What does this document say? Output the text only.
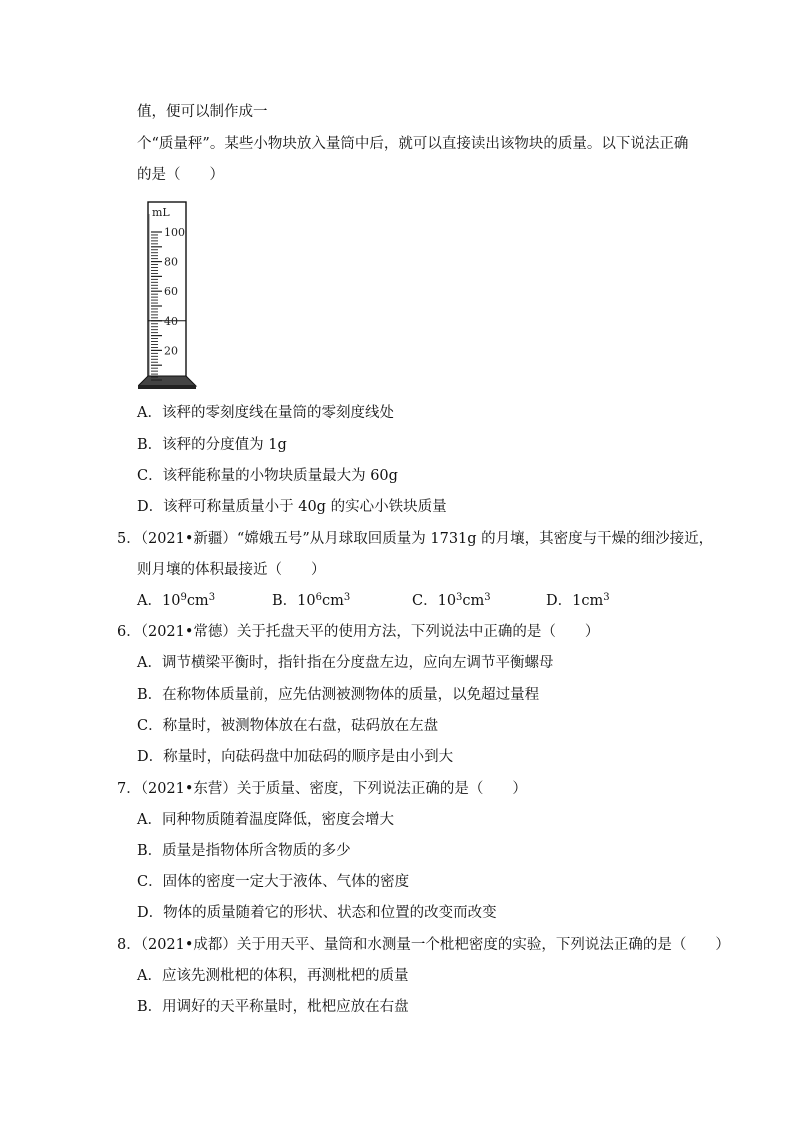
值，便可以制作成一
个“质量秤”。某些小物块放入量筒中后，就可以直接读出该物块的质量。以下说法正确
的是（　　）
100
80
60
40
20
mL
A．该秤的零刻度线在量筒的零刻度线处
B．该秤的分度值为 1g
C．该秤能称量的小物块质量最大为 60g
D．该秤可称量质量小于 40g 的实心小铁块质量
5．（2021•新疆）“嫦娥五号”从月球取回质量为 1731g 的月壤，其密度与干燥的细沙接近，
则月壤的体积最接近（　　）
A．$10^9cm^3$	B．$10^6cm^3$	C．$10^3cm^3$	D．$1cm^3$
6．（2021•常德）关于托盘天平的使用方法，下列说法中正确的是（　　）
A．调节横梁平衡时，指针指在分度盘左边，应向左调节平衡螺母
B．在称物体质量前，应先估测被测物体的质量，以免超过量程
C．称量时，被测物体放在右盘，砝码放在左盘
D．称量时，向砝码盘中加砝码的顺序是由小到大
7．（2021•东营）关于质量、密度，下列说法正确的是（　　）
A．同种物质随着温度降低，密度会增大
B．质量是指物体所含物质的多少
C．固体的密度一定大于液体、气体的密度
D．物体的质量随着它的形状、状态和位置的改变而改变
8．（2021•成都）关于用天平、量筒和水测量一个枇杷密度的实验，下列说法正确的是（　　）
A．应该先测枇杷的体积，再测枇杷的质量
B．用调好的天平称量时，枇杷应放在右盘
